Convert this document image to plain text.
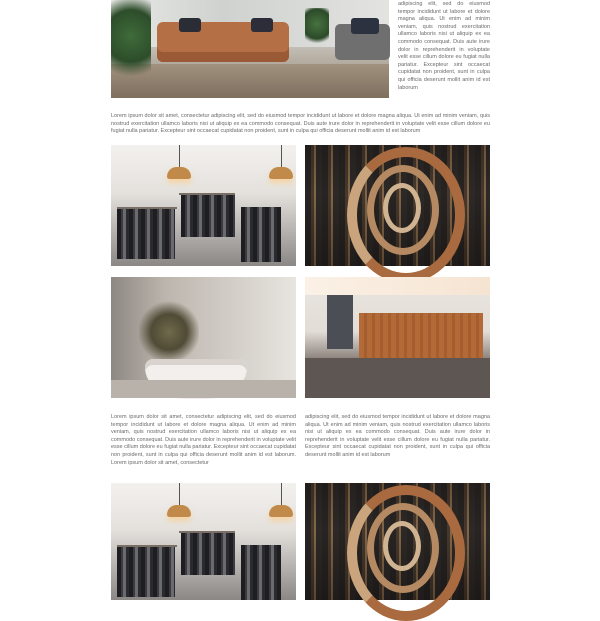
adipiscing elit, sed do eiusmod tempor incididunt ut labore et dolore magna aliqua. Ut enim ad minim veniam, quis nostrud exercitation ullamco laboris nisi ut aliquip ex ea commodo consequat. Duis aute irure dolor in reprehenderit in voluptate velit esse cillum dolore eu fugiat nulla pariatur. Excepteur sint occaecat cupidatat non proident, sunt in culpa qui officia deserunt mollit anim id est laborum

Lorem ipsum dolor sit amet, consectetur adipiscing elit, sed do eiusmod tempor incididunt ut labore et dolore magna aliqua. Ut enim ad minim veniam, quis nostrud exercitation ullamco laboris nisi ut aliquip ex ea commodo consequat. Duis aute irure dolor in reprehenderit in voluptate velit esse cillum dolore eu fugiat nulla pariatur. Excepteur sint occaecat cupidatat non proident, sunt in culpa qui officia deserunt mollit anim id est laborum

Lorem ipsum dolor sit amet, consectetur adipiscing elit, sed do eiusmod tempor incididunt ut labore et dolore magna aliqua. Ut enim ad minim veniam, quis nostrud exercitation ullamco laboris nisi ut aliquip ex ea commodo consequat. Duis aute irure dolor in reprehenderit in voluptate velit esse cillum dolore eu fugiat nulla pariatur. Excepteur sint occaecat cupidatat non proident, sunt in culpa qui officia deserunt mollit anim id est laborum. Lorem ipsum dolor sit amet, consectetur

adipiscing elit, sed do eiusmod tempor incididunt ut labore et dolore magna aliqua. Ut enim ad minim veniam, quis nostrud exercitation ullamco laboris nisi ut aliquip ex ea commodo consequat. Duis aute irure dolor in reprehenderit in voluptate velit esse cillum dolore eu fugiat nulla pariatur. Excepteur sint occaecat cupidatat non proident, sunt in culpa qui officia deserunt mollit anim id est laborum
